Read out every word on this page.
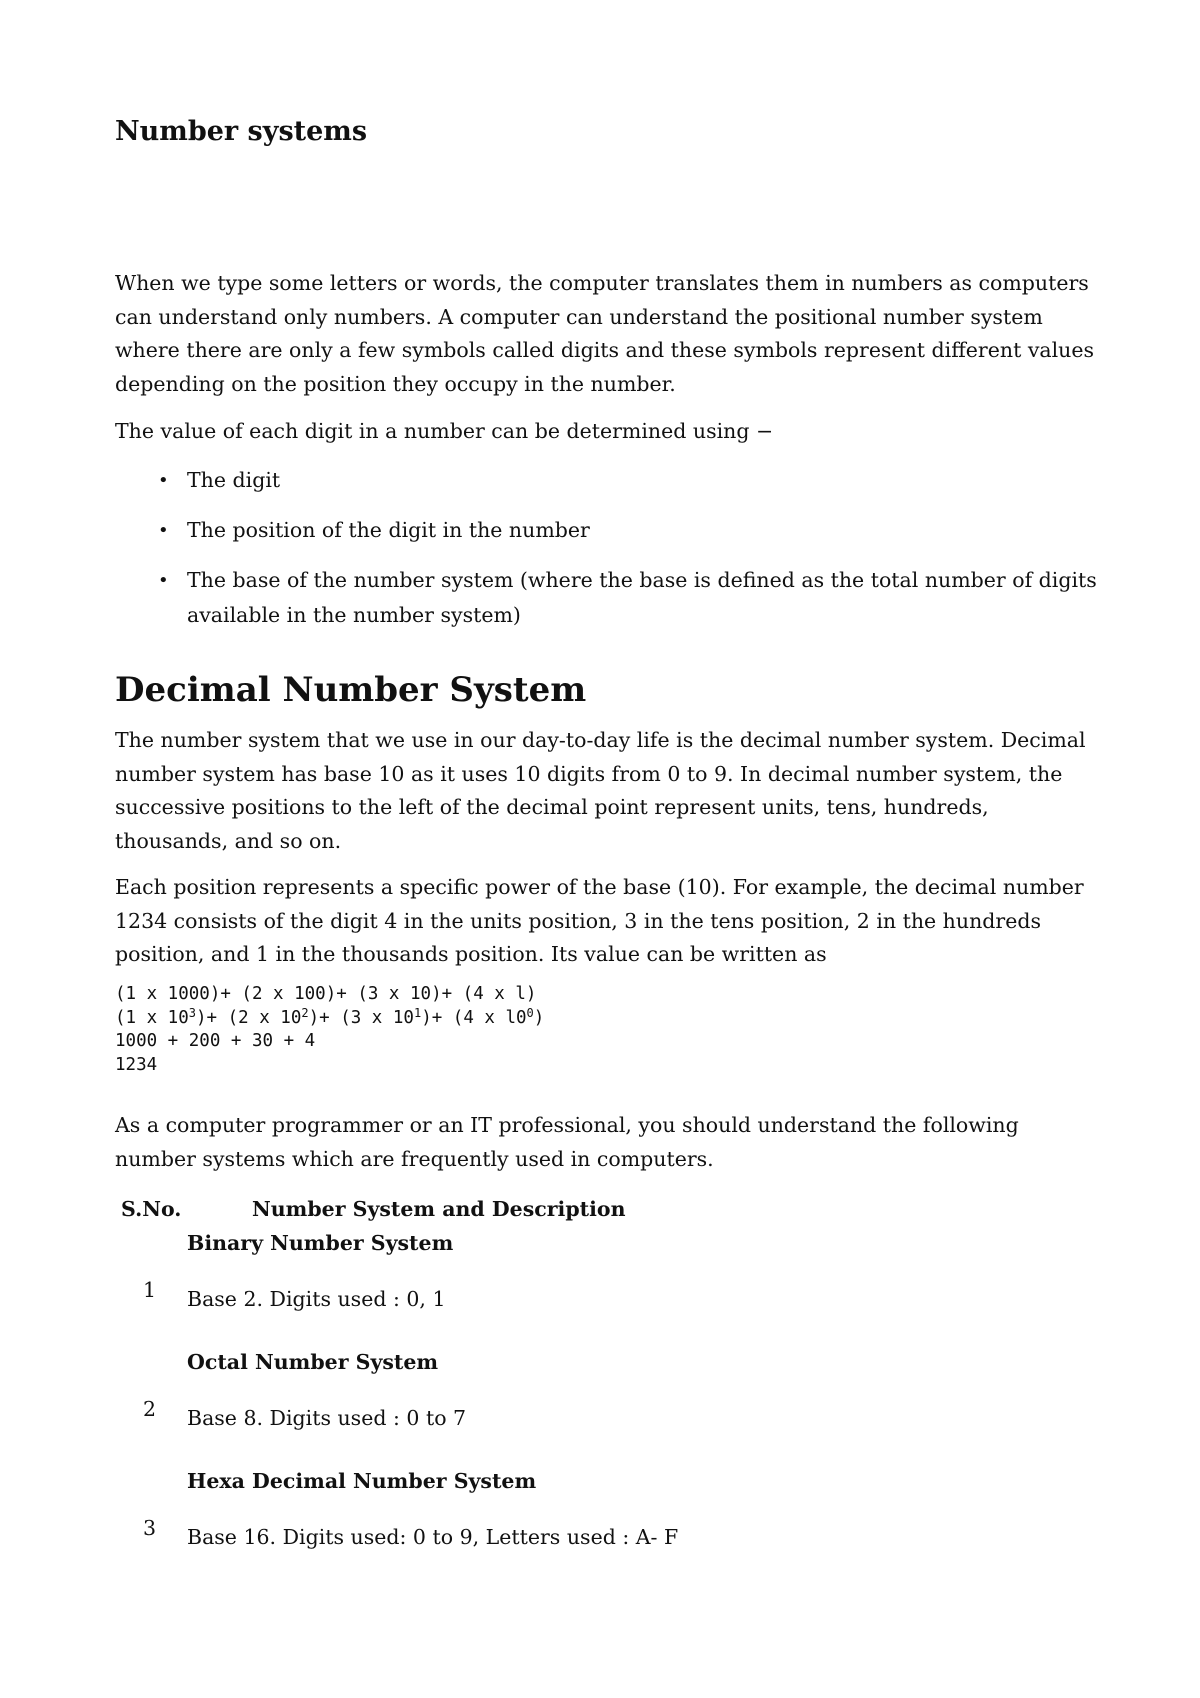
Number systems

When we type some letters or words, the computer translates them in numbers as computers can understand only numbers. A computer can understand the positional number system where there are only a few symbols called digits and these symbols represent different values depending on the position they occupy in the number.

The value of each digit in a number can be determined using −

• The digit
• The position of the digit in the number
• The base of the number system (where the base is defined as the total number of digits available in the number system)
Decimal Number System

The number system that we use in our day-to-day life is the decimal number system. Decimal number system has base 10 as it uses 10 digits from 0 to 9. In decimal number system, the successive positions to the left of the decimal point represent units, tens, hundreds, thousands, and so on.

Each position represents a specific power of the base (10). For example, the decimal number 1234 consists of the digit 4 in the units position, 3 in the tens position, 2 in the hundreds position, and 1 in the thousands position. Its value can be written as

(1 x 1000)+ (2 x 100)+ (3 x 10)+ (4 x l)
(1 x $10^3)+ (2$ x $10^2)+ (3$ x $10^1)+ (4$ x $l0^0$)
1000 + 200 + 30 + 4
1234

As a computer programmer or an IT professional, you should understand the following number systems which are frequently used in computers.

S.No.	Number System and Description
1
Binary Number System
Base 2. Digits used : 0, 1
2
Octal Number System
Base 8. Digits used : 0 to 7
3
Hexa Decimal Number System
Base 16. Digits used: 0 to 9, Letters used : A- F
